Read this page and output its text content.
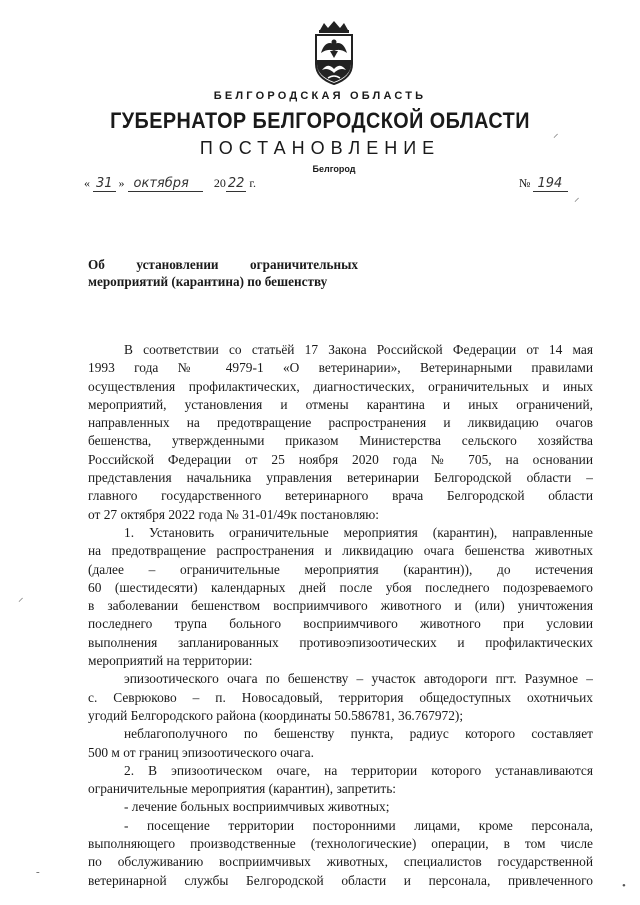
БЕЛГОРОДСКАЯ ОБЛАСТЬ
ГУБЕРНАТОР БЕЛГОРОДСКОЙ ОБЛАСТИ
ПОСТАНОВЛЕНИЕ
Белгород
⸝
« 31 » октября 20 22 г.	№ 194
⸝
Об установлении ограничительных
мероприятий (карантина) по бешенству
В соответствии со статьёй 17 Закона Российской Федерации от 14 мая
1993 года № 4979-1 «О ветеринарии», Ветеринарными правилами
осуществления профилактических, диагностических, ограничительных и иных
мероприятий, установления и отмены карантина и иных ограничений,
направленных на предотвращение распространения и ликвидацию очагов
бешенства, утвержденными приказом Министерства сельского хозяйства
Российской Федерации от 25 ноября 2020 года № 705, на основании
представления начальника управления ветеринарии Белгородской области –
главного государственного ветеринарного врача Белгородской области
от 27 октября 2022 года № 31-01/49к постановляю:
1. Установить ограничительные мероприятия (карантин), направленные
на предотвращение распространения и ликвидацию очага бешенства животных
(далее – ограничительные мероприятия (карантин)), до истечения
60 (шестидесяти) календарных дней после убоя последнего подозреваемого
в заболевании бешенством восприимчивого животного и (или) уничтожения
последнего трупа больного восприимчивого животного при условии
выполнения запланированных противоэпизоотических и профилактических
мероприятий на территории:
эпизоотического очага по бешенству – участок автодороги пгт. Разумное –
с. Севрюково – п. Новосадовый, территория общедоступных охотничьих
угодий Белгородского района (координаты 50.586781, 36.767972);
неблагополучного по бешенству пункта, радиус которого составляет
500 м от границ эпизоотического очага.
2. В эпизоотическом очаге, на территории которого устанавливаются
ограничительные мероприятия (карантин), запретить:
- лечение больных восприимчивых животных;
- посещение территории посторонними лицами, кроме персонала,
выполняющего производственные (технологические) операции, в том числе
по обслуживанию восприимчивых животных, специалистов государственной
ветеринарной службы Белгородской области и персонала, привлеченного
⸝
-
•
